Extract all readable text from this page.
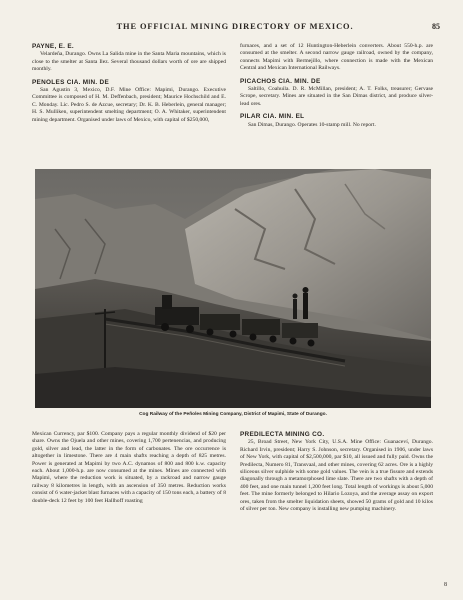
THE OFFICIAL MINING DIRECTORY OF MEXICO.	85
PAYNE, E. E.

Velardeña, Durango. Owns La Salida mine in the Santa Maria mountains, which is close to the smelter at Santa Ilez. Several thousand dollars worth of ore are shipped monthly.

PENOLES CIA. MIN. DE

San Agustin 3, Mexico, D.F. Mine Office: Mapimi, Durango. Executive Committee is composed of H. M. Deffenbach, president; Maurice Hochschild and E. C. Monday. Lic. Pedro S. de Azcue, secretary; Dr. K. B. Heberlein, general manager; H. S. Mulliken, superintendent smelting department; O. A. Whitaker, superintendent mining department. Organised under laws of Mexico, with capital of $250,000,

furnaces, and a set of 12 Huntington-Heberlein converters. About 550-h.p. are consumed at the smelter. A second narrow gauge railroad, owned by the company, connects Mapimi with Bermejillo, where connection is made with the Mexican Central and Mexican International Railways.

PICACHOS CIA. MIN. DE

Saltillo, Coahuila. D. R. McMillan, president; A. T. Folks, treasurer; Gervase Scrope, secretary. Mines are situated in the San Dimas district, and produce silver-lead ores.

PILAR CIA. MIN. EL

San Dimas, Durango. Operates 10-stamp mill. No report.

Cog Railway of the Peñoles Mining Company, District of Mapimi, State of Durango.

Mexican Currency, par $100. Company pays a regular monthly dividend of $20 per share. Owns the Ojuela and other mines, covering 1,700 pertenencias, and producing gold, silver and lead, the latter in the form of carbonates. The ore occurrence is altogether in limestone. There are 4 main shafts reaching a depth of 825 metres. Power is generated at Mapimi by two A.C. dynamos of 800 and 800 k.w. capacity each. About 1,000-h.p. are now consumed at the mines. Mines are connected with Mapimi, where the reduction work is situated, by a rackroad and narrow gauge railway 8 kilometres in length, with an ascension of 350 metres. Reduction works consist of 6 water-jacket blast furnaces with a capacity of 150 tons each, a battery of 8 double-deck 12 feet by 100 feet Hallhoff roasting

PREDILECTA MINING CO.

25, Broad Street, New York City, U.S.A. Mine Office: Guanaceví, Durango. Richard Irvin, president; Harry S. Johnson, secretary. Organised in 1906, under laws of New York, with capital of $2,500,000, par $10, all issued and fully paid. Owns the Predilecta, Numero 81, Transvaal, and other mines, covering 62 acres. Ore is a highly siliceous silver sulphide with some gold values. The vein is a true fissure and extends diagonally through a metamorphosed lime slate. There are two shafts with a depth of 400 feet, and one main tunnel 1,200 feet long. Total length of workings is about 5,000 feet. The mine formerly belonged to Hilario Lozoya, and the average assay on export ores, taken from the smelter liquidation sheets, showed 50 grams of gold and 10 kilos of silver per ton. New company is installing new pumping machinery.

8
